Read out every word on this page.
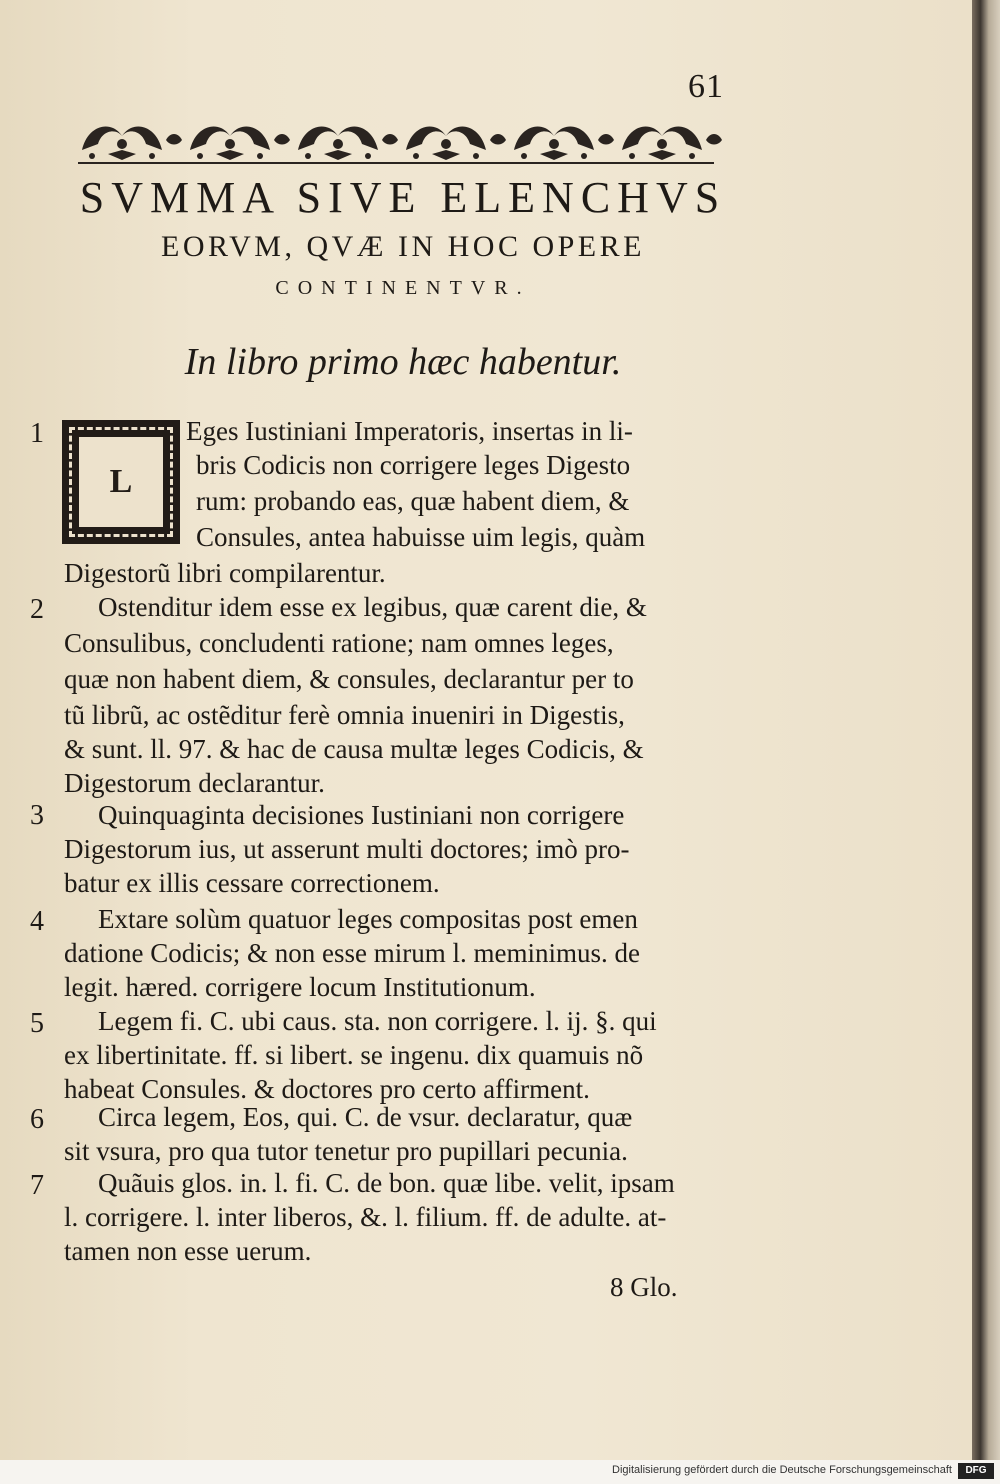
61
SVMMA SIVE ELENCHVS
EORVM, QVÆ IN HOC OPERE
CONTINENTVR.
In libro primo hæc habentur.
L
1	Eges Iustiniani Imperatoris, insertas in li-
bris Codicis non corrigere leges Digesto
rum: probando eas, quæ habent diem, &
Consules, antea habuisse uim legis, quàm
Digestorũ libri compilarentur.
2 Ostenditur idem esse ex legibus, quæ carent die, &
Consulibus, concludenti ratione; nam omnes leges,
quæ non habent diem, & consules, declarantur per to
tũ librũ, ac ostẽditur ferè omnia inueniri in Digestis,
& sunt. ll. 97. & hac de causa multæ leges Codicis, &
Digestorum declarantur.
3 Quinquaginta decisiones Iustiniani non corrigere
Digestorum ius, ut asserunt multi doctores; imò pro-
batur ex illis cessare correctionem.
4 Extare solùm quatuor leges compositas post emen
datione Codicis; & non esse mirum l. meminimus. de
legit. hæred. corrigere locum Institutionum.
5 Legem fi. C. ubi caus. sta. non corrigere. l. ij. §. qui
ex libertinitate. ff. si libert. se ingenu. dix quamuis nõ
habeat Consules. & doctores pro certo affirment.
6 Circa legem, Eos, qui. C. de vsur. declaratur, quæ
sit vsura, pro qua tutor tenetur pro pupillari pecunia.
7 Quãuis glos. in. l. fi. C. de bon. quæ libe. velit, ipsam
l. corrigere. l. inter liberos, &. l. filium. ff. de adulte. at-
tamen non esse uerum.
8 Glo.
Digitalisierung gefördert durch die Deutsche Forschungsgemeinschaft	DFG
